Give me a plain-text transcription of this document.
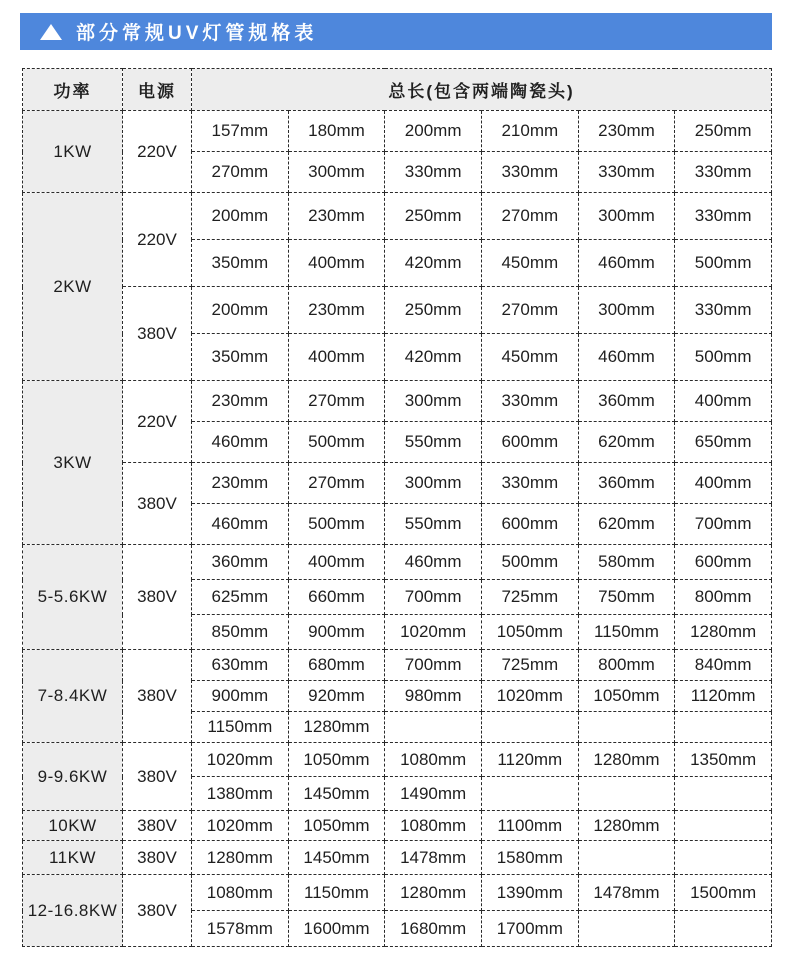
部分常规UV灯管规格表
功率	电源	总长(包含两端陶瓷头)					
1KW	220V	157mm	180mm	200mm	210mm	230mm	250mm
		270mm	300mm	330mm	330mm	330mm	330mm
2KW	220V	200mm	230mm	250mm	270mm	300mm	330mm
		350mm	400mm	420mm	450mm	460mm	500mm
	380V	200mm	230mm	250mm	270mm	300mm	330mm
		350mm	400mm	420mm	450mm	460mm	500mm
3KW	220V	230mm	270mm	300mm	330mm	360mm	400mm
		460mm	500mm	550mm	600mm	620mm	650mm
	380V	230mm	270mm	300mm	330mm	360mm	400mm
		460mm	500mm	550mm	600mm	620mm	700mm
5-5.6KW	380V	360mm	400mm	460mm	500mm	580mm	600mm
		625mm	660mm	700mm	725mm	750mm	800mm
		850mm	900mm	1020mm	1050mm	1150mm	1280mm
7-8.4KW	380V	630mm	680mm	700mm	725mm	800mm	840mm
		900mm	920mm	980mm	1020mm	1050mm	1120mm
		1150mm	1280mm				
9-9.6KW	380V	1020mm	1050mm	1080mm	1120mm	1280mm	1350mm
		1380mm	1450mm	1490mm			
10KW	380V	1020mm	1050mm	1080mm	1100mm	1280mm	
11KW	380V	1280mm	1450mm	1478mm	1580mm		
12-16.8KW	380V	1080mm	1150mm	1280mm	1390mm	1478mm	1500mm
		1578mm	1600mm	1680mm	1700mm		
